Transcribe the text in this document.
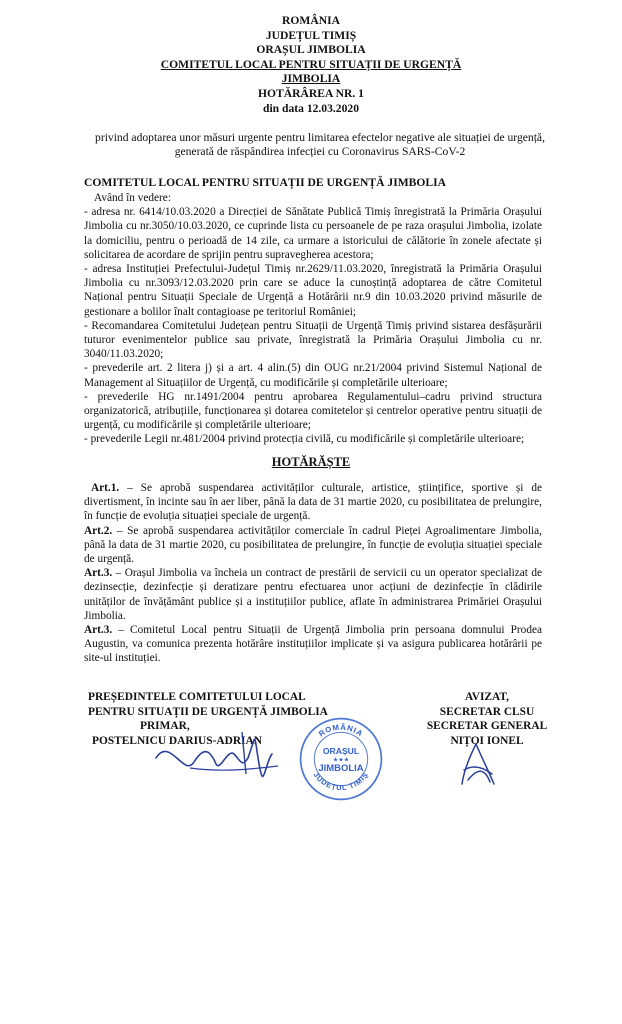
ROMÂNIA
JUDEȚUL TIMIȘ
ORAȘUL JIMBOLIA
COMITETUL LOCAL PENTRU SITUAȚII DE URGENȚĂ
JIMBOLIA
HOTĂRÂREA NR. 1
din data 12.03.2020
privind adoptarea unor măsuri urgente pentru limitarea efectelor negative ale situației de urgență, generată de răspândirea infecției cu Coronavirus SARS-CoV-2
COMITETUL LOCAL PENTRU SITUAȚII DE URGENȚĂ JIMBOLIA

Având în vedere:

- adresa nr. 6414/10.03.2020 a Direcției de Sănătate Publică Timiș înregistrată la Primăria Orașului Jimbolia cu nr.3050/10.03.2020, ce cuprinde lista cu persoanele de pe raza orașului Jimbolia, izolate la domiciliu, pentru o perioadă de 14 zile, ca urmare a istoricului de călătorie în zonele afectate și solicitarea de acordare de sprijin pentru supravegherea acestora;

- adresa Instituției Prefectului-Județul Timiș nr.2629/11.03.2020, înregistrată la Primăria Orașului Jimbolia cu nr.3093/12.03.2020 prin care se aduce la cunoștință adoptarea de către Comitetul Național pentru Situații Speciale de Urgență a Hotărârii nr.9 din 10.03.2020 privind măsurile de gestionare a bolilor înalt contagioase pe teritoriul României;

- Recomandarea Comitetului Județean pentru Situații de Urgență Timiș privind sistarea desfășurării tuturor evenimentelor publice sau private, înregistrată la Primăria Orașului Jimbolia cu nr. 3040/11.03.2020;

- prevederile art. 2 litera j) și a art. 4 alin.(5) din OUG nr.21/2004 privind Sistemul Național de Management al Situațiilor de Urgență, cu modificările și completările ulterioare;

- prevederile HG nr.1491/2004 pentru aprobarea Regulamentului–cadru privind structura organizatorică, atribuțiile, funcționarea și dotarea comitetelor și centrelor operative pentru situații de urgență, cu modificările și completările ulterioare;

- prevederile Legii nr.481/2004 privind protecția civilă, cu modificările și completările ulterioare;

HOTĂRĂȘTE

Art.1. – Se aprobă suspendarea activităților culturale, artistice, științifice, sportive și de divertisment, în incinte sau în aer liber, până la data de 31 martie 2020, cu posibilitatea de prelungire, în funcție de evoluția situației speciale de urgență.

Art.2. – Se aprobă suspendarea activităților comerciale în cadrul Pieței Agroalimentare Jimbolia, până la data de 31 martie 2020, cu posibilitatea de prelungire, în funcție de evoluția situației speciale de urgență.

Art.3. – Orașul Jimbolia va încheia un contract de prestării de servicii cu un operator specializat de dezinsecție, dezinfecție și deratizare pentru efectuarea unor acțiuni de dezinfecție în clădirile unităților de învățământ publice și a instituțiilor publice, aflate în administrarea Primăriei Orașului Jimbolia.

Art.3. – Comitetul Local pentru Situații de Urgență Jimbolia prin persoana domnului Prodea Augustin, va comunica prezenta hotărâre instituțiilor implicate și va asigura publicarea hotărârii pe site-ul instituției.

PREȘEDINTELE COMITETULUI LOCAL
PENTRU SITUAȚII DE URGENȚĂ JIMBOLIA
PRIMAR,
POSTELNICU DARIUS-ADRIAN
AVIZAT,
SECRETAR CLSU
SECRETAR GENERAL
NIȚOI IONEL
ROMÂNIA
ORAȘUL
★★★
JIMBOLIA
JUDEȚUL TIMIȘ
